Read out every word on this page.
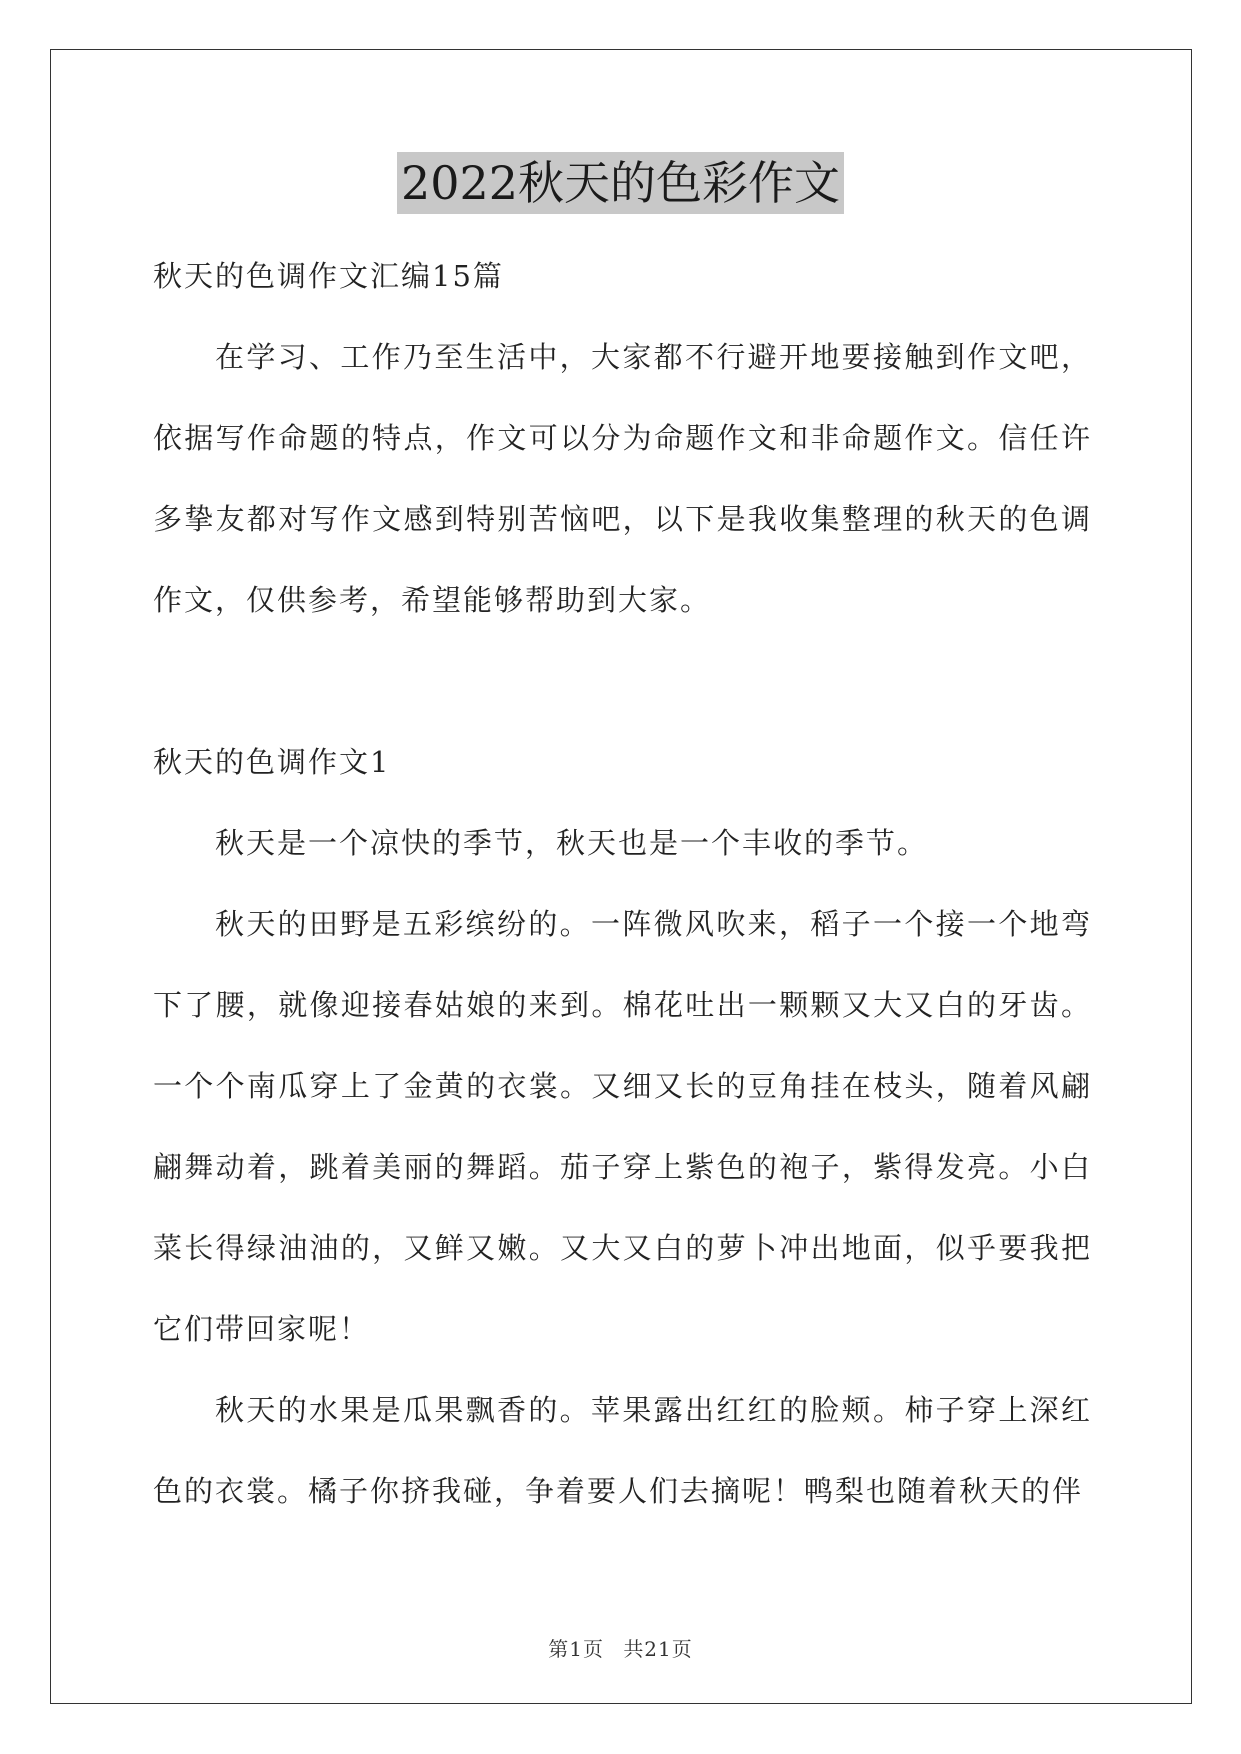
2022秋天的色彩作文

秋天的色调作文汇编15篇

在学习、工作乃至生活中，大家都不行避开地要接触到作文吧，依据写作命题的特点，作文可以分为命题作文和非命题作文。信任许多挚友都对写作文感到特别苦恼吧，以下是我收集整理的秋天的色调作文，仅供参考，希望能够帮助到大家。

秋天的色调作文1

秋天是一个凉快的季节，秋天也是一个丰收的季节。

秋天的田野是五彩缤纷的。一阵微风吹来，稻子一个接一个地弯下了腰，就像迎接春姑娘的来到。棉花吐出一颗颗又大又白的牙齿。一个个南瓜穿上了金黄的衣裳。又细又长的豆角挂在枝头，随着风翩翩舞动着，跳着美丽的舞蹈。茄子穿上紫色的袍子，紫得发亮。小白菜长得绿油油的，又鲜又嫩。又大又白的萝卜冲出地面，似乎要我把它们带回家呢！

秋天的水果是瓜果飘香的。苹果露出红红的脸颊。柿子穿上深红色的衣裳。橘子你挤我碰，争着要人们去摘呢！鸭梨也随着秋天的伴

第1页 共21页
